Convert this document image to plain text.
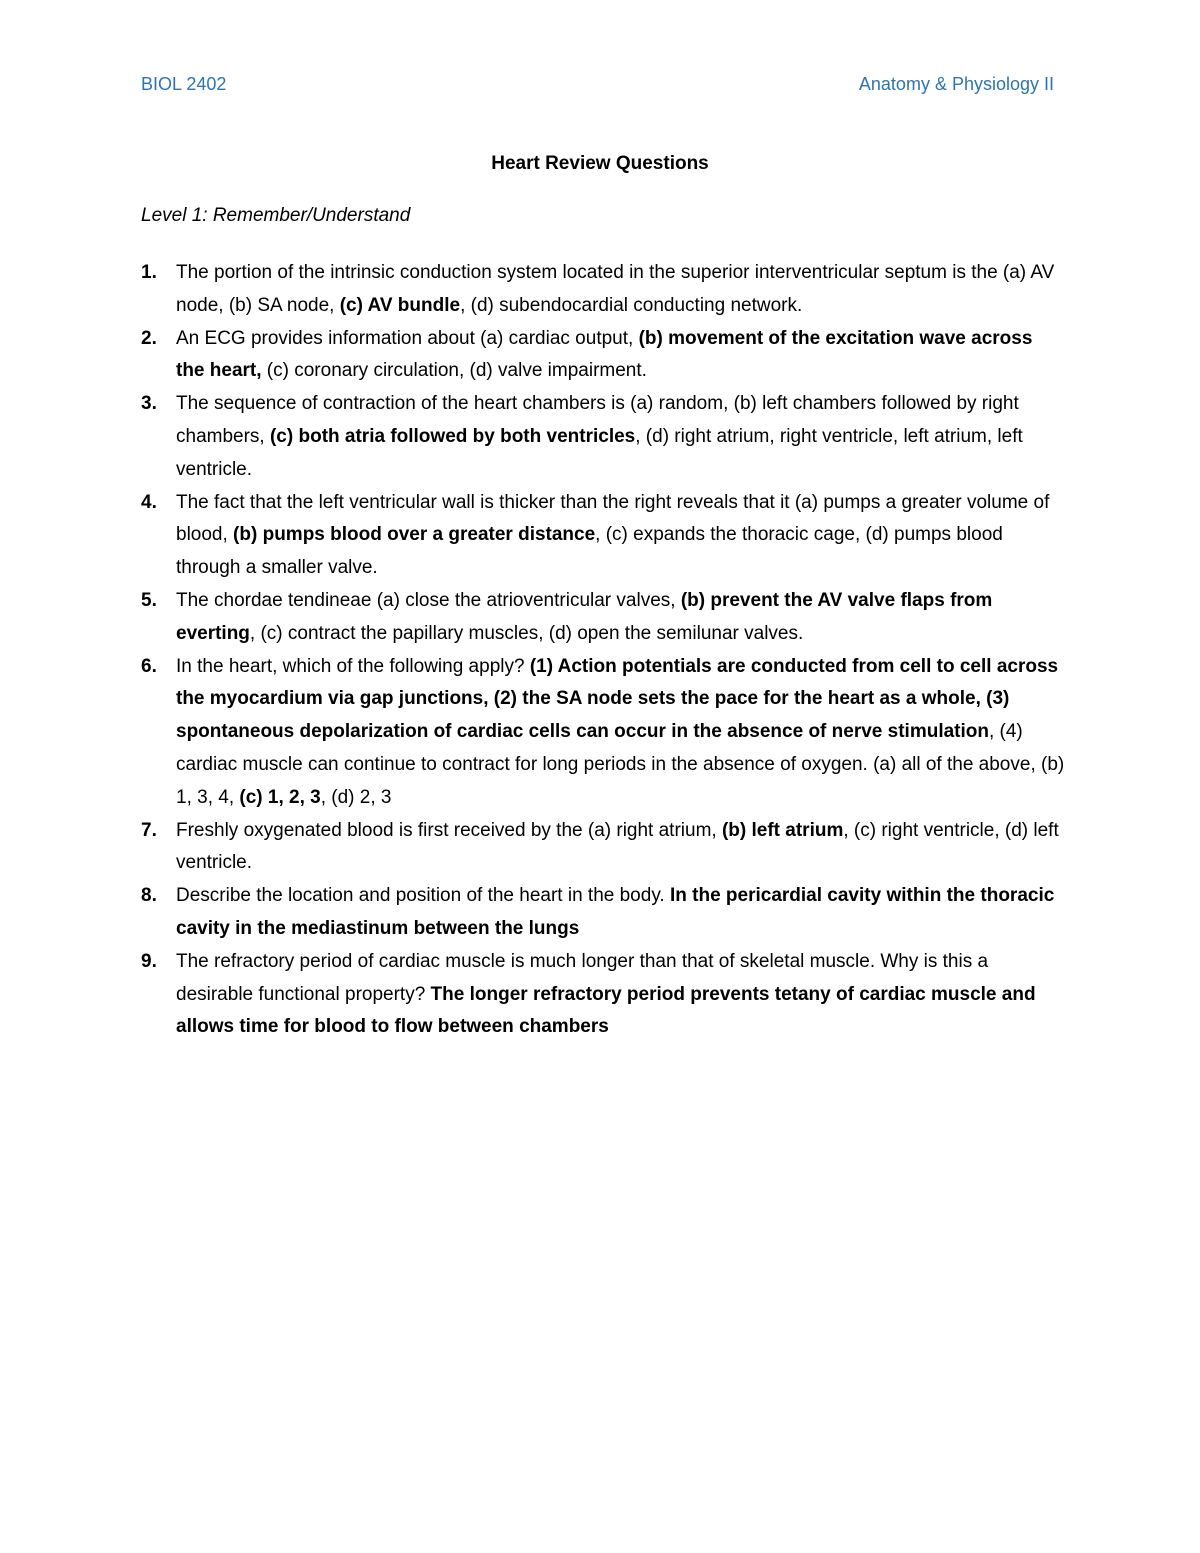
BIOL 2402	Anatomy & Physiology II
Heart Review Questions
Level 1: Remember/Understand
1. The portion of the intrinsic conduction system located in the superior interventricular septum is the (a) AV node, (b) SA node, (c) AV bundle, (d) subendocardial conducting network.
2. An ECG provides information about (a) cardiac output, (b) movement of the excitation wave across the heart, (c) coronary circulation, (d) valve impairment.
3. The sequence of contraction of the heart chambers is (a) random, (b) left chambers followed by right chambers, (c) both atria followed by both ventricles, (d) right atrium, right ventricle, left atrium, left ventricle.
4. The fact that the left ventricular wall is thicker than the right reveals that it (a) pumps a greater volume of blood, (b) pumps blood over a greater distance, (c) expands the thoracic cage, (d) pumps blood through a smaller valve.
5. The chordae tendineae (a) close the atrioventricular valves, (b) prevent the AV valve flaps from everting, (c) contract the papillary muscles, (d) open the semilunar valves.
6. In the heart, which of the following apply? (1) Action potentials are conducted from cell to cell across the myocardium via gap junctions, (2) the SA node sets the pace for the heart as a whole, (3) spontaneous depolarization of cardiac cells can occur in the absence of nerve stimulation, (4) cardiac muscle can continue to contract for long periods in the absence of oxygen. (a) all of the above, (b) 1, 3, 4, (c) 1, 2, 3, (d) 2, 3
7. Freshly oxygenated blood is first received by the (a) right atrium, (b) left atrium, (c) right ventricle, (d) left ventricle.
8. Describe the location and position of the heart in the body. In the pericardial cavity within the thoracic cavity in the mediastinum between the lungs
9. The refractory period of cardiac muscle is much longer than that of skeletal muscle. Why is this a desirable functional property? The longer refractory period prevents tetany of cardiac muscle and allows time for blood to flow between chambers
